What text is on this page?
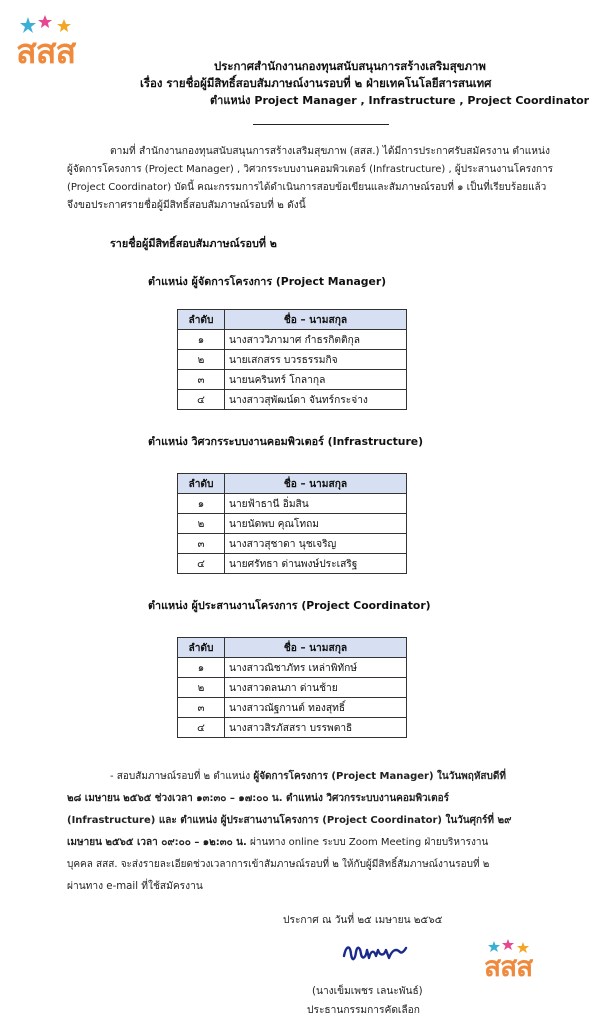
สสส	ประกาศสำนักงานกองทุนสนับสนุนการสร้างเสริมสุขภาพ
เรื่อง รายชื่อผู้มีสิทธิ์สอบสัมภาษณ์งานรอบที่ ๒ ฝ่ายเทคโนโลยีสารสนเทศ
ตำแหน่ง Project Manager , Infrastructure , Project Coordinator
ตามที่ สำนักงานกองทุนสนับสนุนการสร้างเสริมสุขภาพ (สสส.) ได้มีการประกาศรับสมัครงาน ตำแหน่ง
ผู้จัดการโครงการ (Project Manager) , วิศวกรระบบงานคอมพิวเตอร์ (Infrastructure) , ผู้ประสานงานโครงการ
(Project Coordinator) บัดนี้ คณะกรรมการได้ดำเนินการสอบข้อเขียนและสัมภาษณ์รอบที่ ๑ เป็นที่เรียบร้อยแล้ว
จึงขอประกาศรายชื่อผู้มีสิทธิ์สอบสัมภาษณ์รอบที่ ๒ ดังนี้
รายชื่อผู้มีสิทธิ์สอบสัมภาษณ์รอบที่ ๒
ตำแหน่ง ผู้จัดการโครงการ (Project Manager)
ลำดับ	ชื่อ – นามสกุล
๑	นางสาววิภามาศ กำธรกิตติกุล
๒	นายเสกสรร บวรธรรมกิจ
๓	นายนครินทร์ โกลากุล
๔	นางสาวสุพัฒน์ดา จันทร์กระจ่าง
ตำแหน่ง วิศวกรระบบงานคอมพิวเตอร์ (Infrastructure)
ลำดับ	ชื่อ – นามสกุล
๑	นายฟ้าธานี อิ่มสิน
๒	นายนัดพบ คุณโทถม
๓	นางสาวสุชาดา นุชเจริญ
๔	นายศรัทธา ด่านพงษ์ประเสริฐ
ตำแหน่ง ผู้ประสานงานโครงการ (Project Coordinator)
ลำดับ	ชื่อ – นามสกุล
๑	นางสาวณิชาภัทร เหล่าพิทักษ์
๒	นางสาวดลนภา ด่านช้าย
๓	นางสาวณัฐกานต์ ทองสุทธิ์
๔	นางสาวสิรภัสสรา บรรพตาธิ
- สอบสัมภาษณ์รอบที่ ๒ ตำแหน่ง ผู้จัดการโครงการ (Project Manager) ในวันพฤหัสบดีที่
๒๘ เมษายน ๒๕๖๕ ช่วงเวลา ๑๓:๓๐ – ๑๗:๐๐ น. ตำแหน่ง วิศวกรระบบงานคอมพิวเตอร์
(Infrastructure) และ ตำแหน่ง ผู้ประสานงานโครงการ (Project Coordinator) ในวันศุกร์ที่ ๒๙
เมษายน ๒๕๖๕ เวลา ๐๙:๐๐ – ๑๒:๓๐ น. ผ่านทาง online ระบบ Zoom Meeting ฝ่ายบริหารงาน
บุคคล สสส. จะส่งรายละเอียดช่วงเวลาการเข้าสัมภาษณ์รอบที่ ๒ ให้กับผู้มีสิทธิ์สัมภาษณ์งานรอบที่ ๒
ผ่านทาง e-mail ที่ใช้สมัครงาน
ประกาศ ณ วันที่ ๒๕ เมษายน ๒๕๖๕
สสส
(นางเข็มเพชร เลนะพันธ์)
ประธานกรรมการคัดเลือก
